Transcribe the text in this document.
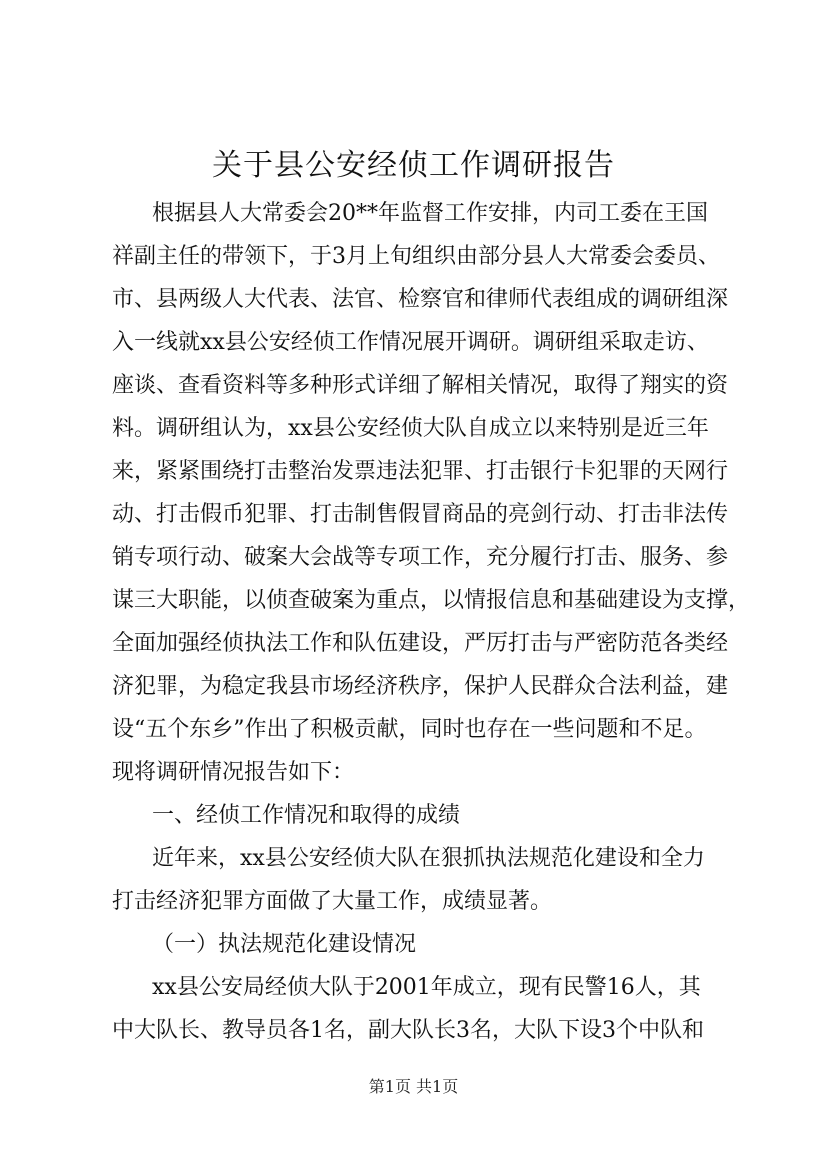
关于县公安经侦工作调研报告
根据县人大常委会20**年监督工作安排，内司工委在王国
祥副主任的带领下，于3月上旬组织由部分县人大常委会委员、
市、县两级人大代表、法官、检察官和律师代表组成的调研组深
入一线就xx县公安经侦工作情况展开调研。调研组采取走访、
座谈、查看资料等多种形式详细了解相关情况，取得了翔实的资
料。调研组认为，xx县公安经侦大队自成立以来特别是近三年
来，紧紧围绕打击整治发票违法犯罪、打击银行卡犯罪的天网行
动、打击假币犯罪、打击制售假冒商品的亮剑行动、打击非法传
销专项行动、破案大会战等专项工作，充分履行打击、服务、参
谋三大职能，以侦查破案为重点，以情报信息和基础建设为支撑，
全面加强经侦执法工作和队伍建设，严厉打击与严密防范各类经
济犯罪，为稳定我县市场经济秩序，保护人民群众合法利益，建
设“五个东乡”作出了积极贡献，同时也存在一些问题和不足。
现将调研情况报告如下：
一、经侦工作情况和取得的成绩
近年来，xx县公安经侦大队在狠抓执法规范化建设和全力
打击经济犯罪方面做了大量工作，成绩显著。
（一）执法规范化建设情况
xx县公安局经侦大队于2001年成立，现有民警16人，其
中大队长、教导员各1名，副大队长3名，大队下设3个中队和
第1页 共1页
